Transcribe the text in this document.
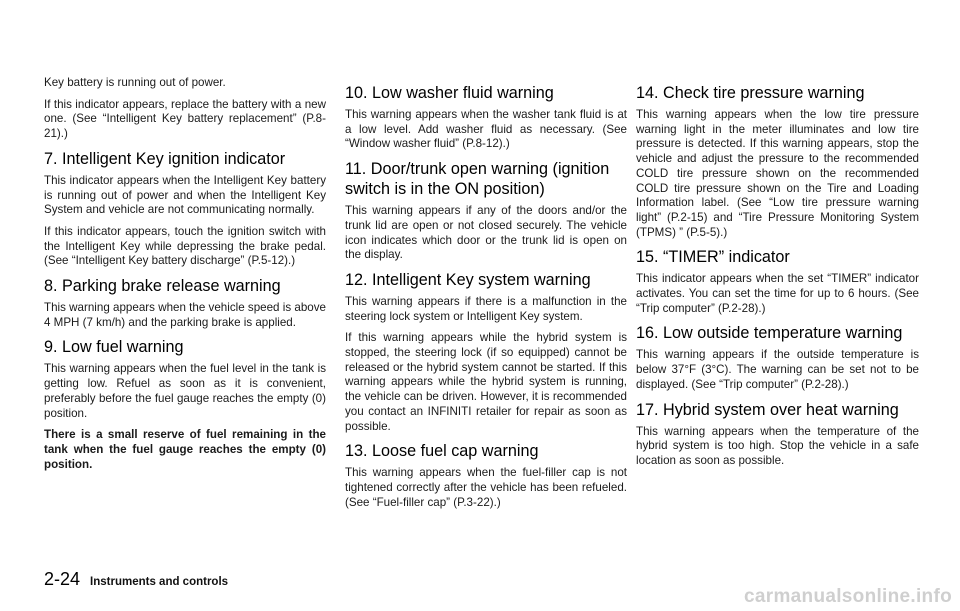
Key battery is running out of power.

If this indicator appears, replace the battery with a new one. (See “Intelligent Key battery replacement” (P.8-21).)

7. Intelligent Key ignition indicator

This indicator appears when the Intelligent Key battery is running out of power and when the Intelligent Key System and vehicle are not communicating normally.

If this indicator appears, touch the ignition switch with the Intelligent Key while depressing the brake pedal. (See “Intelligent Key battery discharge” (P.5-12).)

8. Parking brake release warning

This warning appears when the vehicle speed is above 4 MPH (7 km/h) and the parking brake is applied.

9. Low fuel warning

This warning appears when the fuel level in the tank is getting low. Refuel as soon as it is convenient, preferably before the fuel gauge reaches the empty (0) position.

There is a small reserve of fuel remaining in the tank when the fuel gauge reaches the empty (0) position.

10. Low washer fluid warning

This warning appears when the washer tank fluid is at a low level. Add washer fluid as necessary. (See “Window washer fluid” (P.8-12).)

11. Door/trunk open warning (ignition switch is in the ON position)

This warning appears if any of the doors and/or the trunk lid are open or not closed securely. The vehicle icon indicates which door or the trunk lid is open on the display.

12. Intelligent Key system warning

This warning appears if there is a malfunction in the steering lock system or Intelligent Key system.

If this warning appears while the hybrid system is stopped, the steering lock (if so equipped) cannot be released or the hybrid system cannot be started. If this warning appears while the hybrid system is running, the vehicle can be driven. However, it is recommended you contact an INFINITI retailer for repair as soon as possible.

13. Loose fuel cap warning

This warning appears when the fuel-filler cap is not tightened correctly after the vehicle has been refueled. (See “Fuel-filler cap” (P.3-22).)

14. Check tire pressure warning

This warning appears when the low tire pressure warning light in the meter illuminates and low tire pressure is detected. If this warning appears, stop the vehicle and adjust the pressure to the recommended COLD tire pressure shown on the recommended COLD tire pressure shown on the Tire and Loading Information label. (See “Low tire pressure warning light” (P.2-15) and “Tire Pressure Monitoring System (TPMS) ” (P.5-5).)

15. “TIMER” indicator

This indicator appears when the set “TIMER” indicator activates. You can set the time for up to 6 hours. (See “Trip computer” (P.2-28).)

16. Low outside temperature warning

This warning appears if the outside temperature is below 37°F (3°C). The warning can be set not to be displayed. (See “Trip computer” (P.2-28).)

17. Hybrid system over heat warning

This warning appears when the temperature of the hybrid system is too high. Stop the vehicle in a safe location as soon as possible.

2-24 Instruments and controls
carmanualsonline.info
